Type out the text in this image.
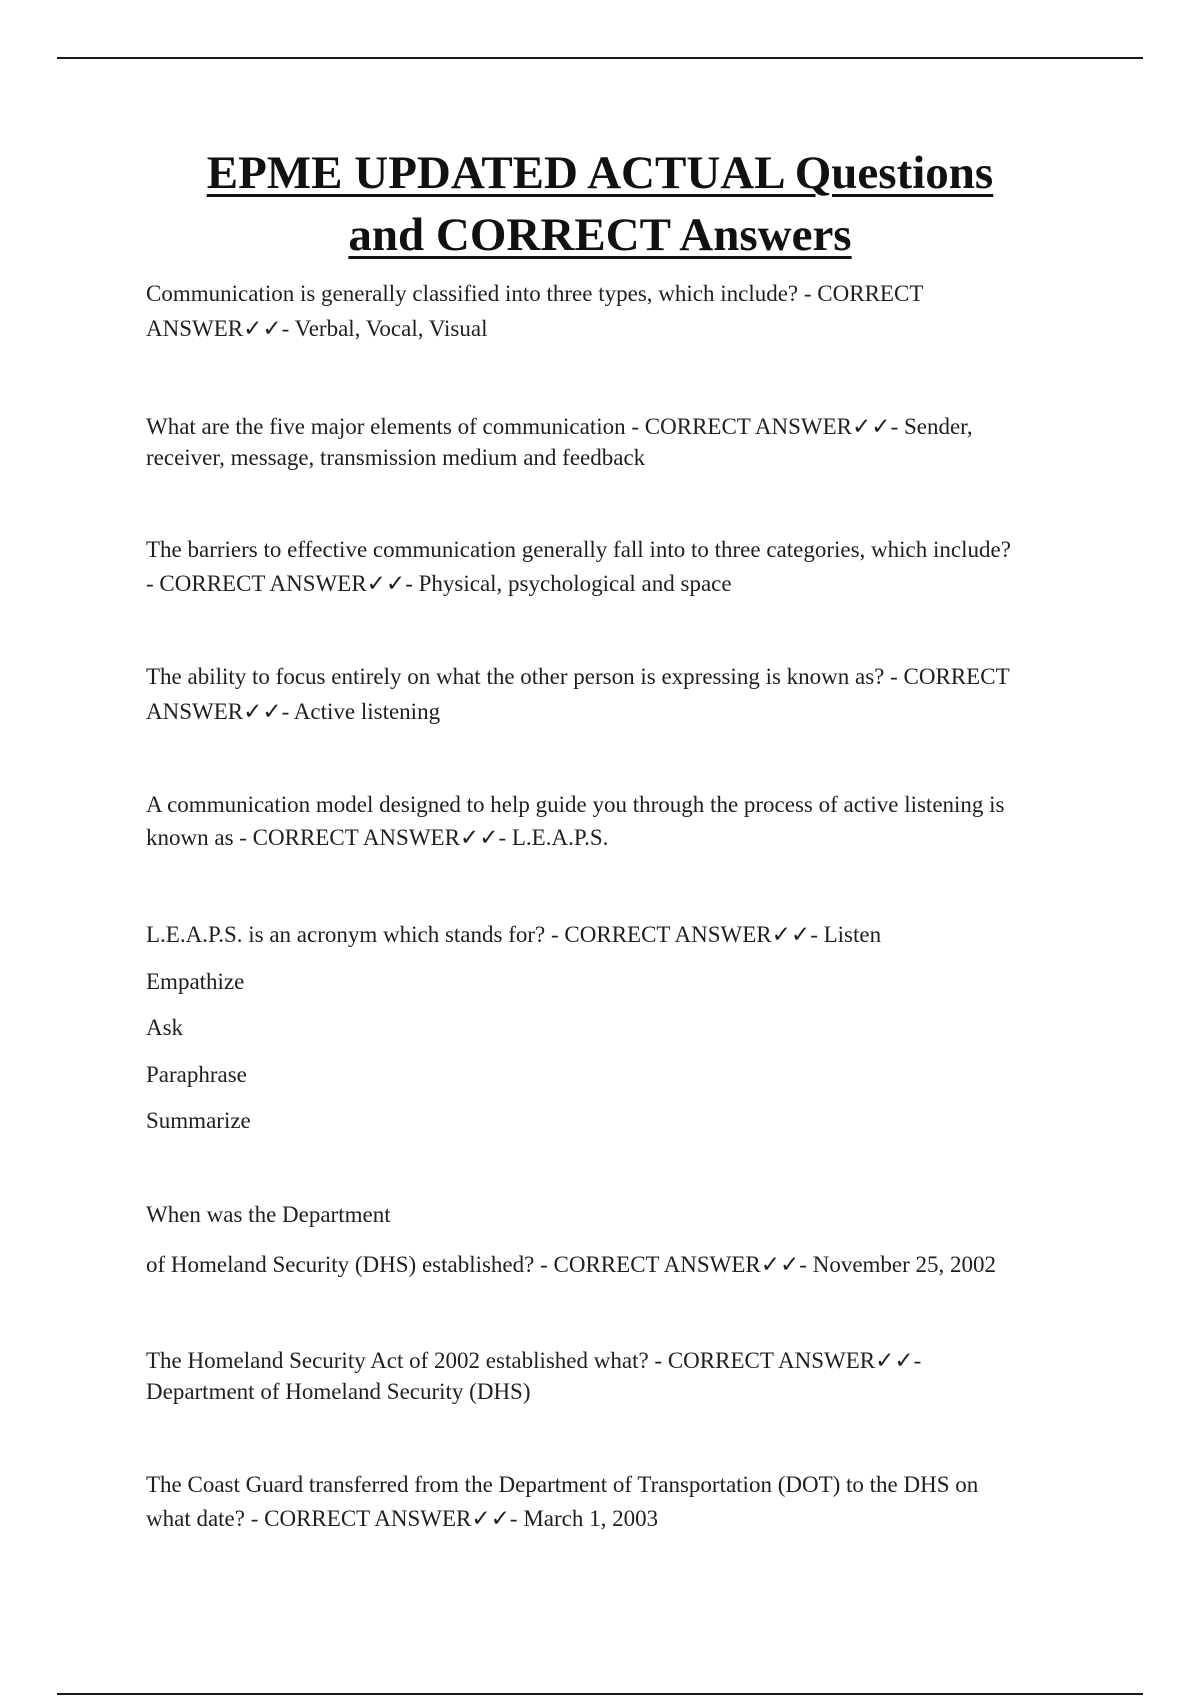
EPME UPDATED ACTUAL Questions
and CORRECT Answers
Communication is generally classified into three types, which include? - CORRECT
ANSWER✓✓- Verbal, Vocal, Visual
What are the five major elements of communication - CORRECT ANSWER✓✓- Sender,
receiver, message, transmission medium and feedback
The barriers to effective communication generally fall into to three categories, which include?
- CORRECT ANSWER✓✓- Physical, psychological and space
The ability to focus entirely on what the other person is expressing is known as? - CORRECT
ANSWER✓✓- Active listening
A communication model designed to help guide you through the process of active listening is
known as - CORRECT ANSWER✓✓- L.E.A.P.S.
L.E.A.P.S. is an acronym which stands for? - CORRECT ANSWER✓✓- Listen
Empathize
Ask
Paraphrase
Summarize
When was the Department
of Homeland Security (DHS) established? - CORRECT ANSWER✓✓- November 25, 2002
The Homeland Security Act of 2002 established what? - CORRECT ANSWER✓✓-
Department of Homeland Security (DHS)
The Coast Guard transferred from the Department of Transportation (DOT) to the DHS on
what date? - CORRECT ANSWER✓✓- March 1, 2003
